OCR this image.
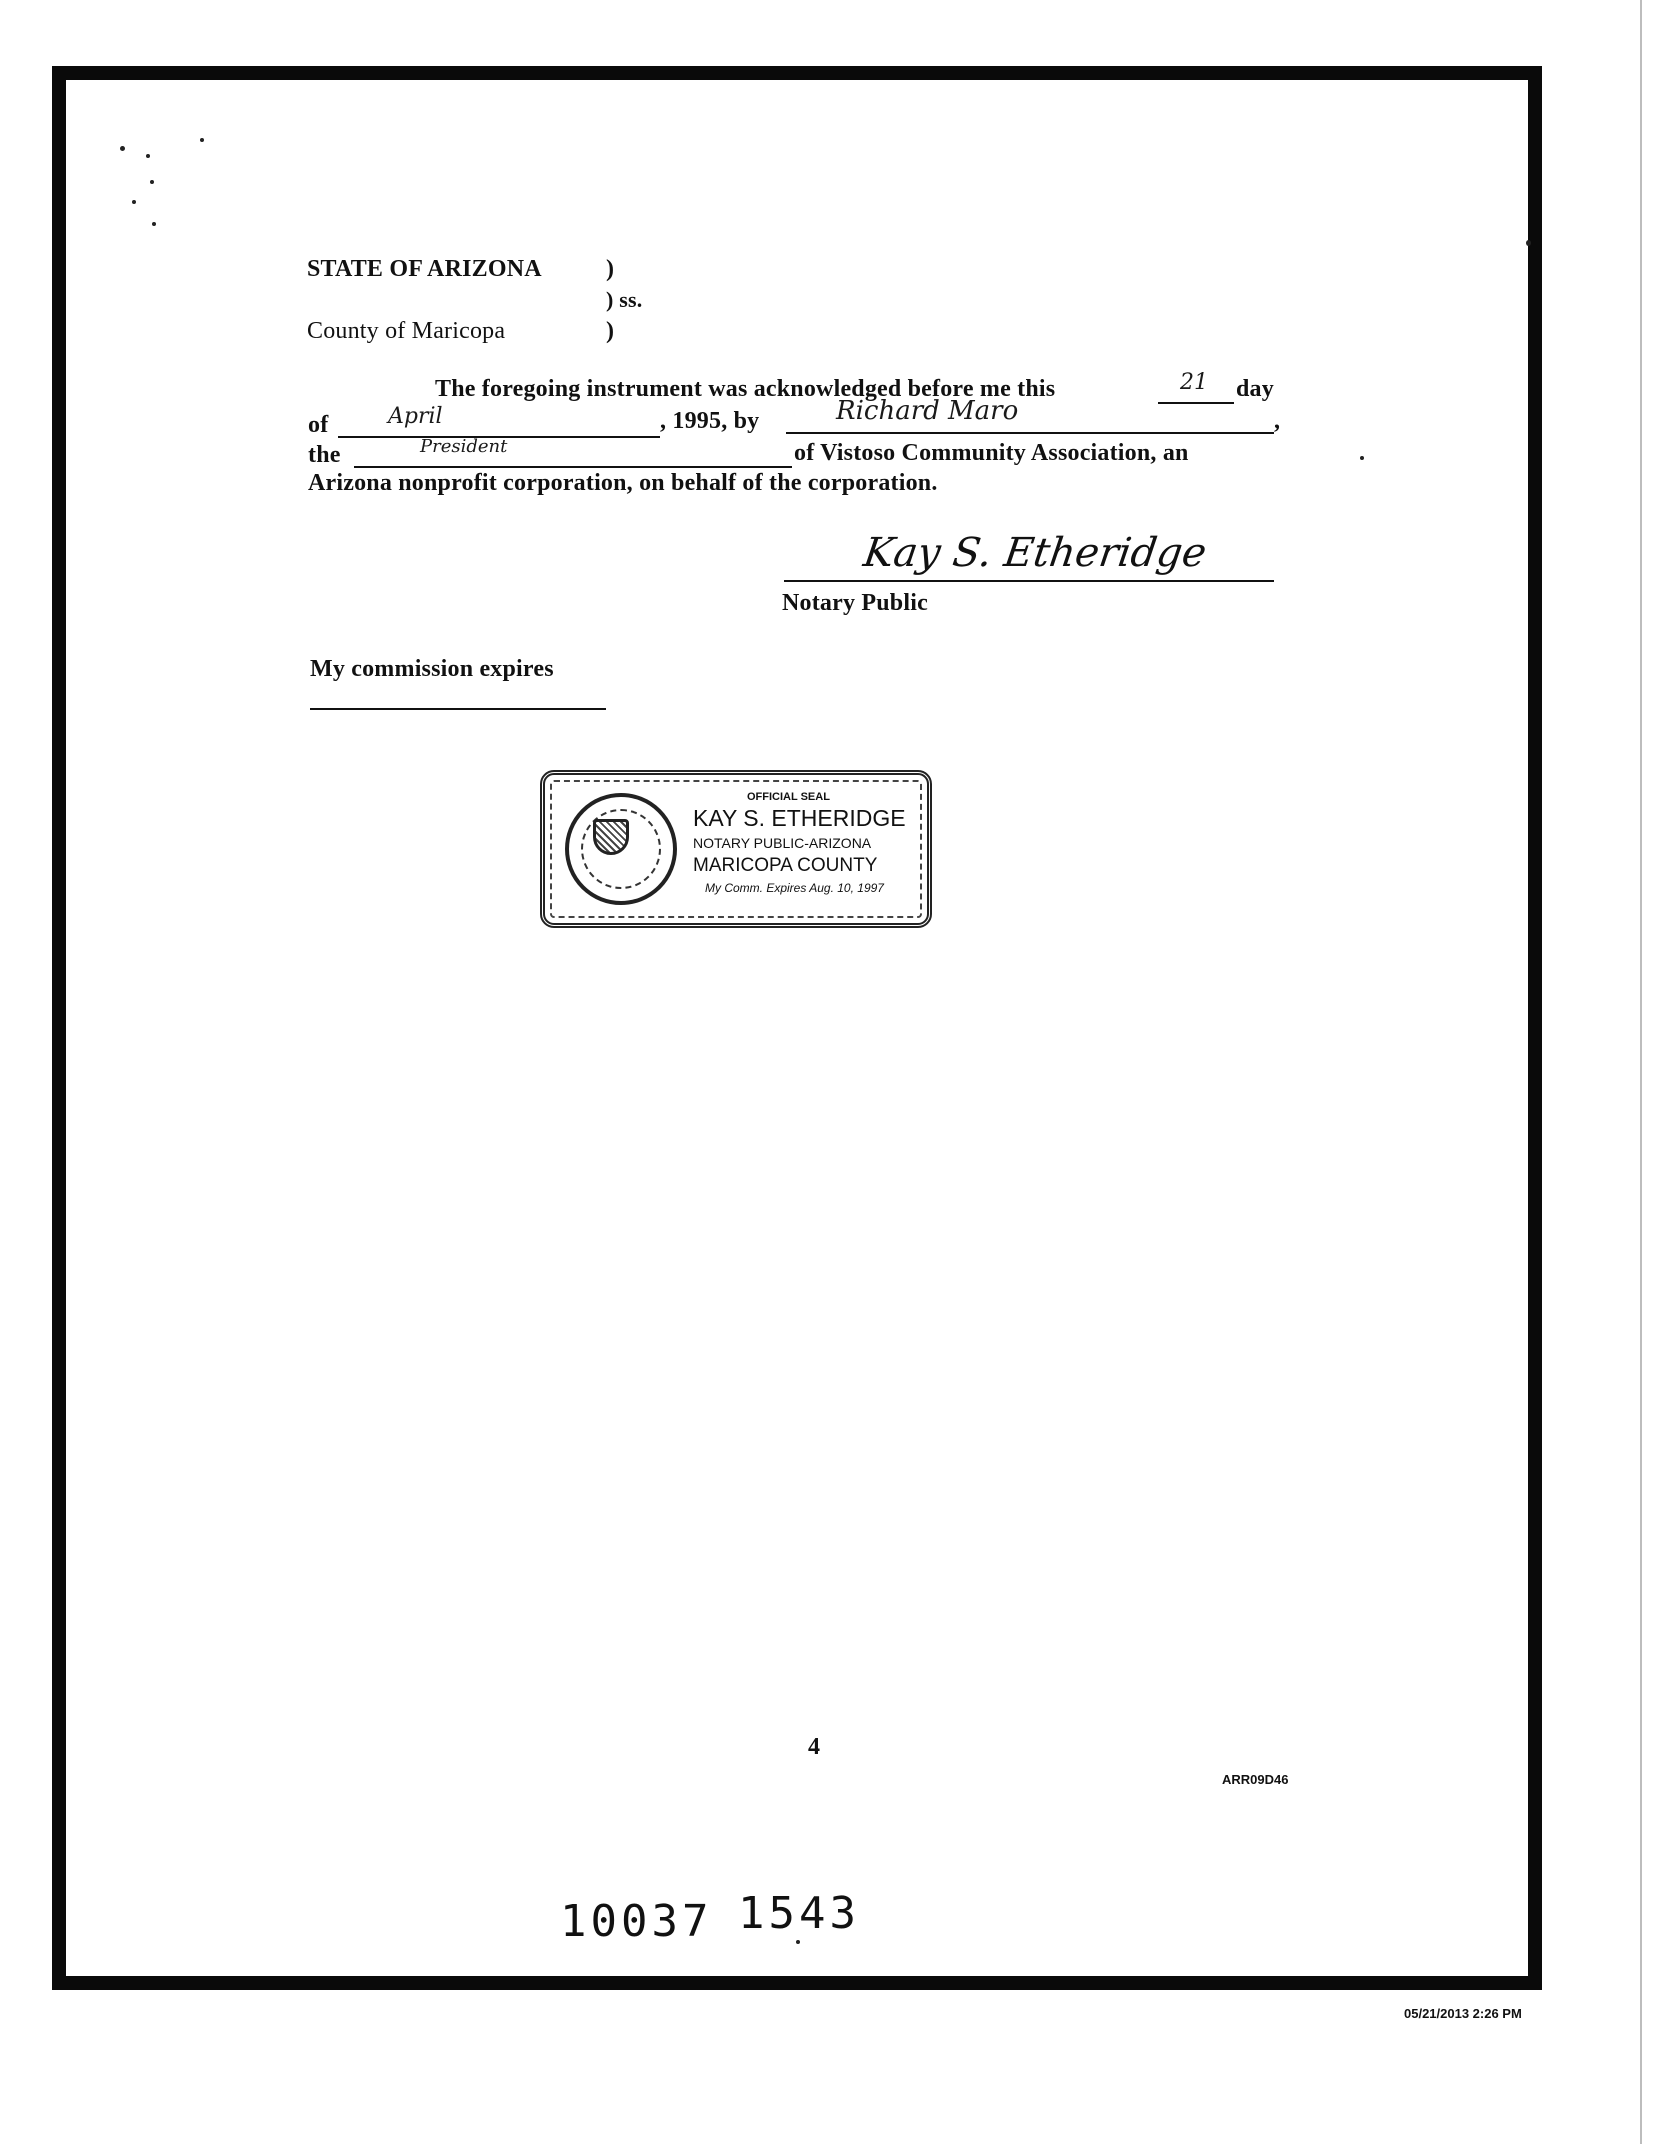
STATE OF ARIZONA	)
) ss.
County of Maricopa	)
The foregoing instrument was acknowledged before me this	21 day
of	April	, 1995, by	Richard Maro	,
the	President	of Vistoso Community Association, an
Arizona nonprofit corporation, on behalf of the corporation.
Kay S. Etheridge
Notary Public
My commission expires
OFFICIAL SEAL
KAY S. ETHERIDGE
NOTARY PUBLIC-ARIZONA
MARICOPA COUNTY
My Comm. Expires Aug. 10, 1997
4
ARR09D46
10037 1543
05/21/2013 2:26 PM
